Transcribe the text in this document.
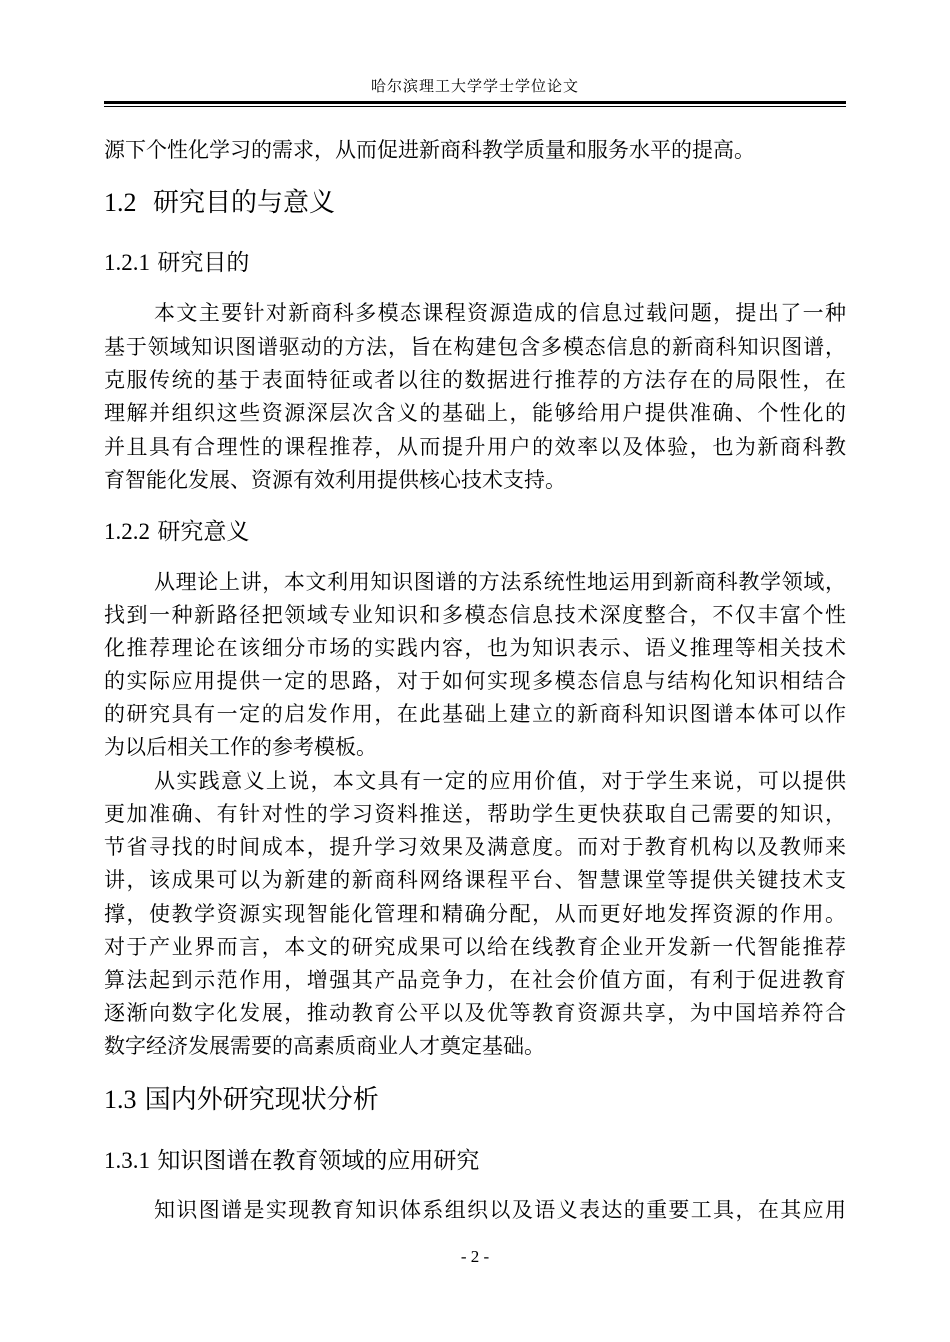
哈尔滨理工大学学士学位论文

源下个性化学习的需求，从而促进新商科教学质量和服务水平的提高。

1.2 研究目的与意义
1.2.1 研究目的

本文主要针对新商科多模态课程资源造成的信息过载问题，提出了一种

基于领域知识图谱驱动的方法，旨在构建包含多模态信息的新商科知识图谱，

克服传统的基于表面特征或者以往的数据进行推荐的方法存在的局限性，在

理解并组织这些资源深层次含义的基础上，能够给用户提供准确、个性化的

并且具有合理性的课程推荐，从而提升用户的效率以及体验，也为新商科教

育智能化发展、资源有效利用提供核心技术支持。

1.2.2 研究意义

从理论上讲，本文利用知识图谱的方法系统性地运用到新商科教学领域，

找到一种新路径把领域专业知识和多模态信息技术深度整合，不仅丰富个性

化推荐理论在该细分市场的实践内容，也为知识表示、语义推理等相关技术

的实际应用提供一定的思路，对于如何实现多模态信息与结构化知识相结合

的研究具有一定的启发作用，在此基础上建立的新商科知识图谱本体可以作

为以后相关工作的参考模板。

从实践意义上说，本文具有一定的应用价值，对于学生来说，可以提供

更加准确、有针对性的学习资料推送，帮助学生更快获取自己需要的知识，

节省寻找的时间成本，提升学习效果及满意度。而对于教育机构以及教师来

讲，该成果可以为新建的新商科网络课程平台、智慧课堂等提供关键技术支

撑，使教学资源实现智能化管理和精确分配，从而更好地发挥资源的作用。

对于产业界而言，本文的研究成果可以给在线教育企业开发新一代智能推荐

算法起到示范作用，增强其产品竞争力，在社会价值方面，有利于促进教育

逐渐向数字化发展，推动教育公平以及优等教育资源共享，为中国培养符合

数字经济发展需要的高素质商业人才奠定基础。

1.3 国内外研究现状分析
1.3.1 知识图谱在教育领域的应用研究

知识图谱是实现教育知识体系组织以及语义表达的重要工具，在其应用

- 2 -
